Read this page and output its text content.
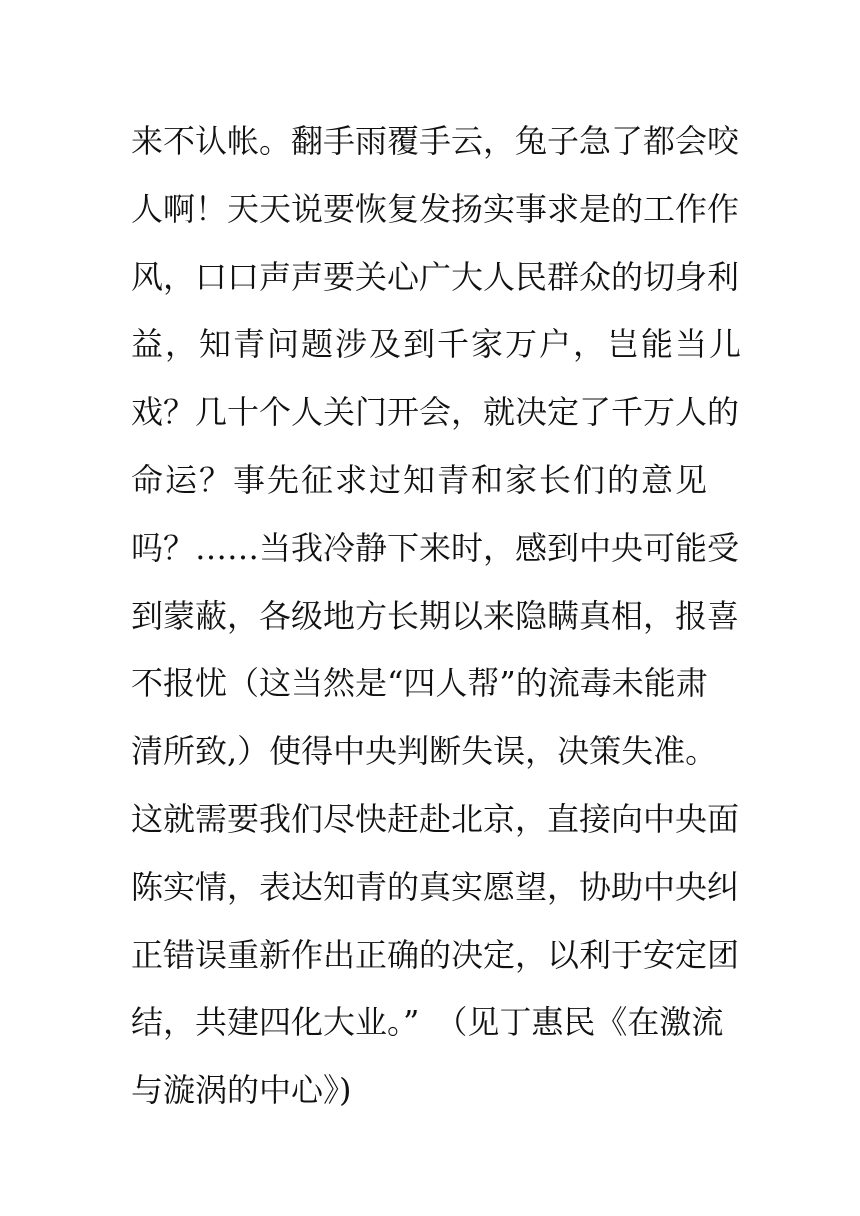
来不认帐。翻手雨覆手云，兔子急了都会咬
人啊！天天说要恢复发扬实事求是的工作作
风，口口声声要关心广大人民群众的切身利
益，知青问题涉及到千家万户，岂能当儿
戏？几十个人关门开会，就决定了千万人的
命运？事先征求过知青和家长们的意见
吗？……当我冷静下来时，感到中央可能受
到蒙蔽，各级地方长期以来隐瞒真相，报喜
不报忧（这当然是“四人帮”的流毒未能肃
清所致,）使得中央判断失误，决策失准。
这就需要我们尽快赶赴北京，直接向中央面
陈实情，表达知青的真实愿望，协助中央纠
正错误重新作出正确的决定，以利于安定团
结，共建四化大业。”　（见丁惠民《在激流
与漩涡的中心》)
